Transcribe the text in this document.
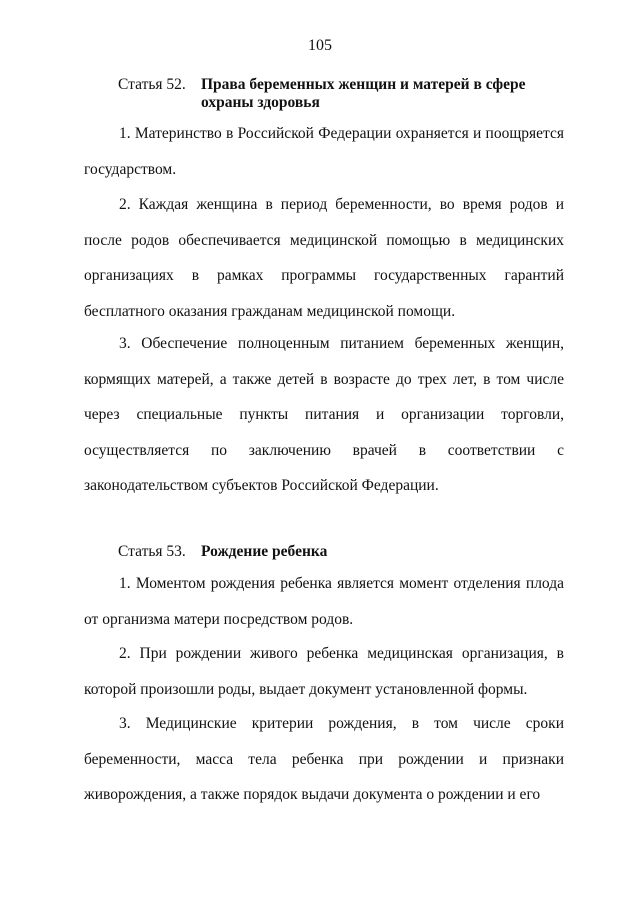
105
Статья 52. Права беременных женщин и матерей в сфере охраны здоровья

1. Материнство в Российской Федерации охраняется и поощряется государством.

2. Каждая женщина в период беременности, во время родов и после родов обеспечивается медицинской помощью в медицинских организациях в рамках программы государственных гарантий бесплатного оказания гражданам медицинской помощи.

3. Обеспечение полноценным питанием беременных женщин, кормящих матерей, а также детей в возрасте до трех лет, в том числе через специальные пункты питания и организации торговли, осуществляется по заключению врачей в соответствии с законодательством субъектов Российской Федерации.

Статья 53. Рождение ребенка

1. Моментом рождения ребенка является момент отделения плода от организма матери посредством родов.

2. При рождении живого ребенка медицинская организация, в которой произошли роды, выдает документ установленной формы.

3. Медицинские критерии рождения, в том числе сроки беременности, масса тела ребенка при рождении и признаки живорождения, а также порядок выдачи документа о рождении и его
